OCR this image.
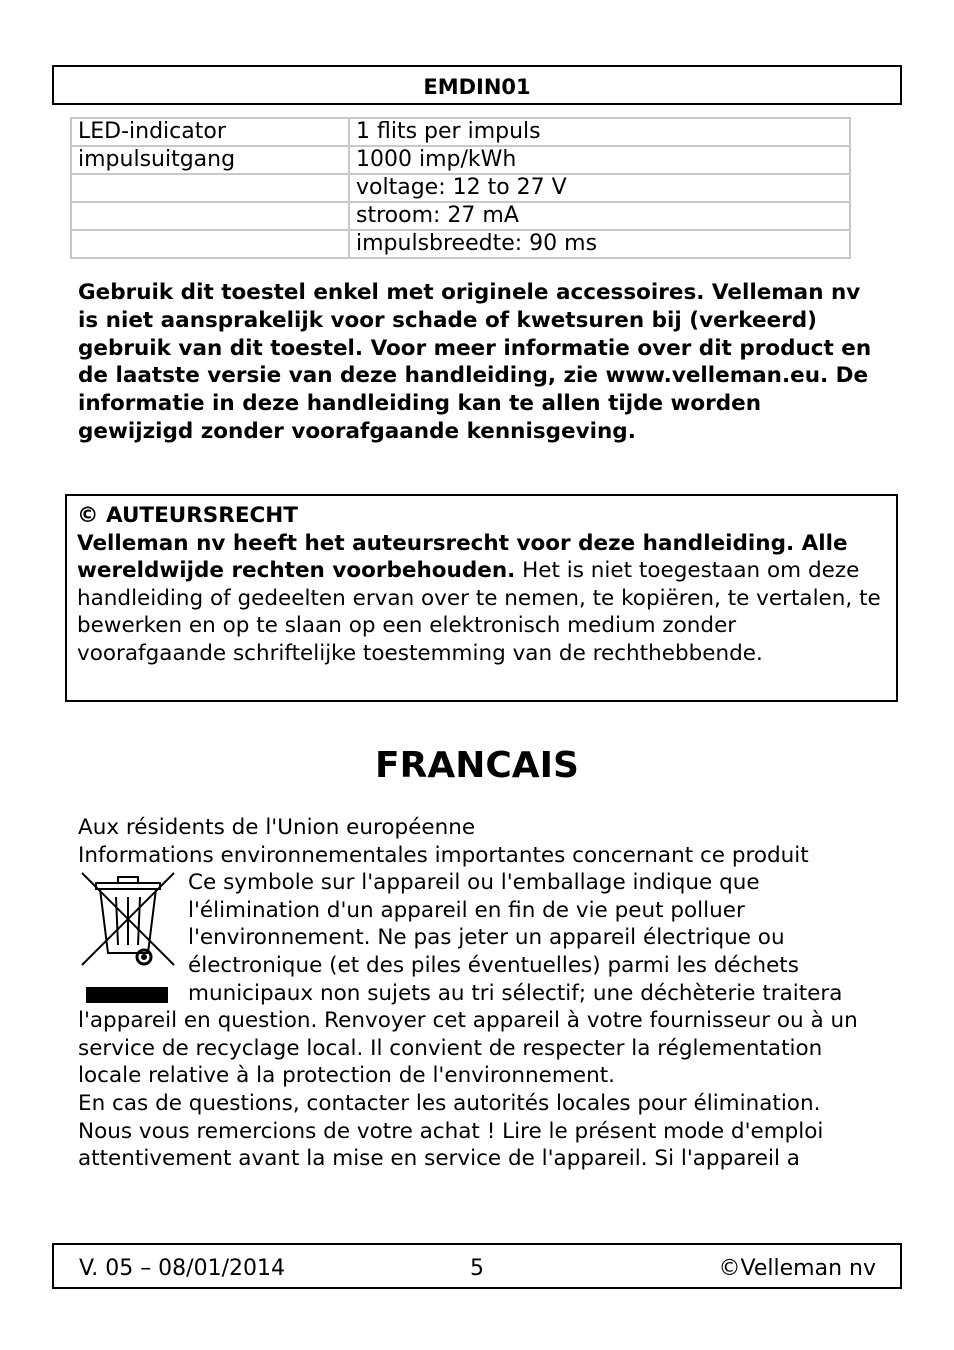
EMDIN01
LED-indicator	1 flits per impuls
impulsuitgang	1000 imp/kWh
	voltage: 12 to 27 V
	stroom: 27 mA
	impulsbreedte: 90 ms
Gebruik dit toestel enkel met originele accessoires. Velleman nv is niet aansprakelijk voor schade of kwetsuren bij (verkeerd) gebruik van dit toestel. Voor meer informatie over dit product en de laatste versie van deze handleiding, zie www.velleman.eu. De informatie in deze handleiding kan te allen tijde worden gewijzigd zonder voorafgaande kennisgeving.
© AUTEURSRECHT
Velleman nv heeft het auteursrecht voor deze handleiding. Alle wereldwijde rechten voorbehouden. Het is niet toegestaan om deze handleiding of gedeelten ervan over te nemen, te kopiëren, te vertalen, te bewerken en op te slaan op een elektronisch medium zonder voorafgaande schriftelijke toestemming van de rechthebbende.
FRANCAIS

Aux résidents de l'Union européenne

Informations environnementales importantes concernant ce produit

Ce symbole sur l'appareil ou l'emballage indique que l'élimination d'un appareil en fin de vie peut polluer l'environnement. Ne pas jeter un appareil électrique ou électronique (et des piles éventuelles) parmi les déchets municipaux non sujets au tri sélectif; une déchèterie traitera l'appareil en question. Renvoyer cet appareil à votre fournisseur ou à un service de recyclage local. Il convient de respecter la réglementation locale relative à la protection de l'environnement.

En cas de questions, contacter les autorités locales pour élimination.

Nous vous remercions de votre achat ! Lire le présent mode d'emploi attentivement avant la mise en service de l'appareil. Si l'appareil a

V. 05 – 08/01/2014	5	©Velleman nv
